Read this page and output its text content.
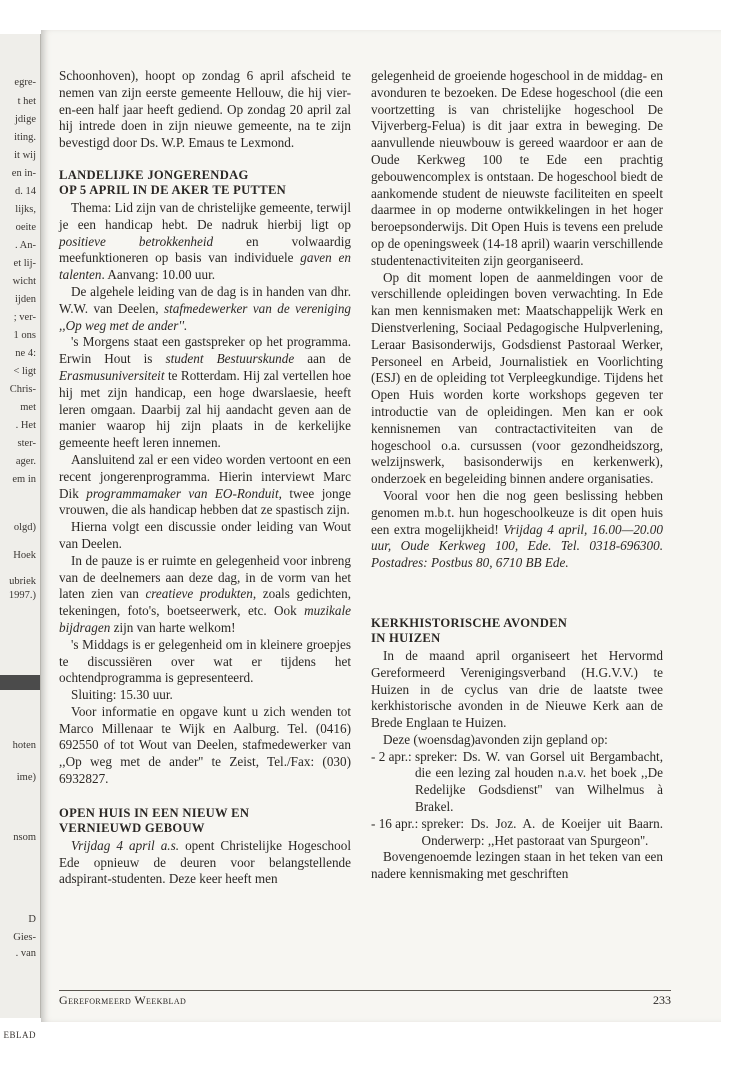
egre-
t het
jdige
iting.
it wij
en in-
d. 14
lijks,
oeite
. An-
et lij-
wicht
ijden
; ver-
1 ons
ne 4:
< ligt
Chris-
met
. Het
ster-
ager.
em in
olgd)
Hoek
ubriek
1997.)
hoten
ime)
nsom
D
Gies-
. van
EBLAD

Schoonhoven), hoopt op zondag 6 april afscheid te nemen van zijn eerste gemeente Hellouw, die hij vier-en-een half jaar heeft gediend. Op zondag 20 april zal hij intrede doen in zijn nieuwe gemeente, na te zijn bevestigd door Ds. W.P. Emaus te Lexmond.

LANDELIJKE JONGERENDAG
OP 5 APRIL IN DE AKER TE PUTTEN

Thema: Lid zijn van de christelijke gemeente, terwijl je een handicap hebt. De nadruk hierbij ligt op positieve betrokkenheid en volwaardig meefunktioneren op basis van individuele gaven en talenten. Aanvang: 10.00 uur.

De algehele leiding van de dag is in handen van dhr. W.W. van Deelen, stafmedewerker van de vereniging ,,Op weg met de ander''.

's Morgens staat een gastspreker op het programma. Erwin Hout is student Bestuurskunde aan de Erasmusuniversiteit te Rotterdam. Hij zal vertellen hoe hij met zijn handicap, een hoge dwarslaesie, heeft leren omgaan. Daarbij zal hij aandacht geven aan de manier waarop hij zijn plaats in de kerkelijke gemeente heeft leren innemen.

Aansluitend zal er een video worden vertoont en een recent jongerenprogramma. Hierin interviewt Marc Dik programmamaker van EO-Ronduit, twee jonge vrouwen, die als handicap hebben dat ze spastisch zijn.

Hierna volgt een discussie onder leiding van Wout van Deelen.

In de pauze is er ruimte en gelegenheid voor inbreng van de deelnemers aan deze dag, in de vorm van het laten zien van creatieve produkten, zoals gedichten, tekeningen, foto's, boetseerwerk, etc. Ook muzikale bijdragen zijn van harte welkom!

's Middags is er gelegenheid om in kleinere groepjes te discussiëren over wat er tijdens het ochtendprogramma is gepresenteerd.

Sluiting: 15.30 uur.

Voor informatie en opgave kunt u zich wenden tot Marco Millenaar te Wijk en Aalburg. Tel. (0416) 692550 of tot Wout van Deelen, stafmedewerker van ,,Op weg met de ander'' te Zeist, Tel./Fax: (030) 6932827.

OPEN HUIS IN EEN NIEUW EN
VERNIEUWD GEBOUW

Vrijdag 4 april a.s. opent Christelijke Hogeschool Ede opnieuw de deuren voor belangstellende adspirant-studenten. Deze keer heeft men

gelegenheid de groeiende hogeschool in de middag- en avonduren te bezoeken. De Edese hogeschool (die een voortzetting is van christelijke hogeschool De Vijverberg-Felua) is dit jaar extra in beweging. De aanvullende nieuwbouw is gereed waardoor er aan de Oude Kerkweg 100 te Ede een prachtig gebouwencomplex is ontstaan. De hogeschool biedt de aankomende student de nieuwste faciliteiten en speelt daarmee in op moderne ontwikkelingen in het hoger beroepsonderwijs. Dit Open Huis is tevens een prelude op de openingsweek (14-18 april) waarin verschillende studentenactiviteiten zijn georganiseerd.

Op dit moment lopen de aanmeldingen voor de verschillende opleidingen boven verwachting. In Ede kan men kennismaken met: Maatschappelijk Werk en Dienstverlening, Sociaal Pedagogische Hulpverlening, Leraar Basisonderwijs, Godsdienst Pastoraal Werker, Personeel en Arbeid, Journalistiek en Voorlichting (ESJ) en de opleiding tot Verpleegkundige. Tijdens het Open Huis worden korte workshops gegeven ter introductie van de opleidingen. Men kan er ook kennisnemen van contractactiviteiten van de hogeschool o.a. cursussen (voor gezondheidszorg, welzijnswerk, basisonderwijs en kerkenwerk), onderzoek en begeleiding binnen andere organisaties.

Vooral voor hen die nog geen beslissing hebben genomen m.b.t. hun hogeschoolkeuze is dit open huis een extra mogelijkheid! Vrijdag 4 april, 16.00—20.00 uur, Oude Kerkweg 100, Ede. Tel. 0318-696300. Postadres: Postbus 80, 6710 BB Ede.

KERKHISTORISCHE AVONDEN
IN HUIZEN

In de maand april organiseert het Hervormd Gereformeerd Verenigingsverband (H.G.V.V.) te Huizen in de cyclus van drie de laatste twee kerkhistorische avonden in de Nieuwe Kerk aan de Brede Englaan te Huizen.

Deze (woensdag)avonden zijn gepland op:

- 2 apr.: spreker: Ds. W. van Gorsel uit Bergambacht, die een lezing zal houden n.a.v. het boek ,,De Redelijke Godsdienst'' van Wilhelmus à Brakel.
- 16 apr.: spreker: Ds. Joz. A. de Koeijer uit Baarn. Onderwerp: ,,Het pastoraat van Spurgeon''.

Bovengenoemde lezingen staan in het teken van een nadere kennismaking met geschriften

Gereformeerd Weekblad	233
